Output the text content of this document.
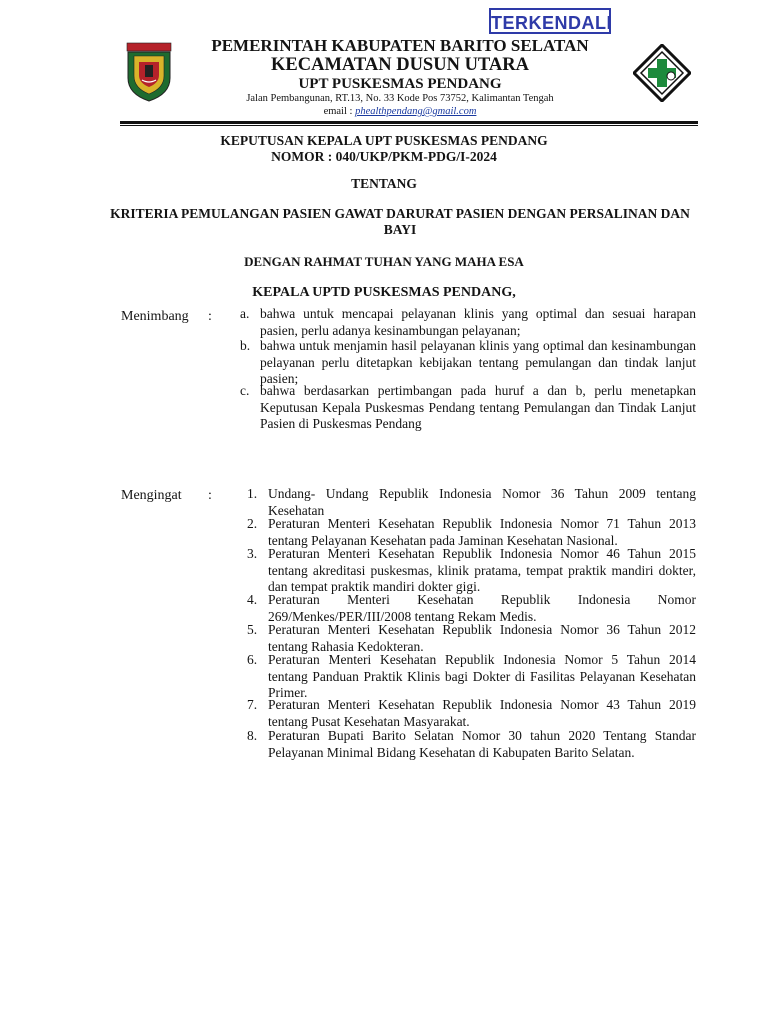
TERKENDALI
PEMERINTAH KABUPATEN BARITO SELATAN
KECAMATAN DUSUN UTARA
UPT PUSKESMAS PENDANG
Jalan Pembangunan, RT.13, No. 33 Kode Pos 73752, Kalimantan Tengah
email : phealthpendang@gmail.com
KEPUTUSAN KEPALA UPT PUSKESMAS PENDANG
NOMOR : 040/UKP/PKM-PDG/I-2024
TENTANG
KRITERIA PEMULANGAN PASIEN GAWAT DARURAT PASIEN DENGAN PERSALINAN DAN BAYI
DENGAN RAHMAT TUHAN YANG MAHA ESA
KEPALA UPTD PUSKESMAS PENDANG,
Menimbang : a. bahwa untuk mencapai pelayanan klinis yang optimal dan sesuai harapan pasien, perlu adanya kesinambungan pelayanan;
b. bahwa untuk menjamin hasil pelayanan klinis yang optimal dan kesinambungan pelayanan perlu ditetapkan kebijakan tentang pemulangan dan tindak lanjut pasien;
c. bahwa berdasarkan pertimbangan pada huruf a dan b, perlu menetapkan Keputusan Kepala Puskesmas Pendang tentang Pemulangan dan Tindak Lanjut Pasien di Puskesmas Pendang
Mengingat :	1. Undang- Undang Republik Indonesia Nomor 36 Tahun 2009 tentang Kesehatan
2. Peraturan Menteri Kesehatan Republik Indonesia Nomor 71 Tahun 2013 tentang Pelayanan Kesehatan pada Jaminan Kesehatan Nasional.
3. Peraturan Menteri Kesehatan Republik Indonesia Nomor 46 Tahun 2015 tentang akreditasi puskesmas, klinik pratama, tempat praktik mandiri dokter, dan tempat praktik mandiri dokter gigi.
4. Peraturan Menteri Kesehatan Republik Indonesia Nomor 269/Menkes/PER/III/2008 tentang Rekam Medis.
5. Peraturan Menteri Kesehatan Republik Indonesia Nomor 36 Tahun 2012 tentang Rahasia Kedokteran.
6. Peraturan Menteri Kesehatan Republik Indonesia Nomor 5 Tahun 2014 tentang Panduan Praktik Klinis bagi Dokter di Fasilitas Pelayanan Kesehatan Primer.
7. Peraturan Menteri Kesehatan Republik Indonesia Nomor 43 Tahun 2019 tentang Pusat Kesehatan Masyarakat.
8. Peraturan Bupati Barito Selatan Nomor 30 tahun 2020 Tentang Standar Pelayanan Minimal Bidang Kesehatan di Kabupaten Barito Selatan.
